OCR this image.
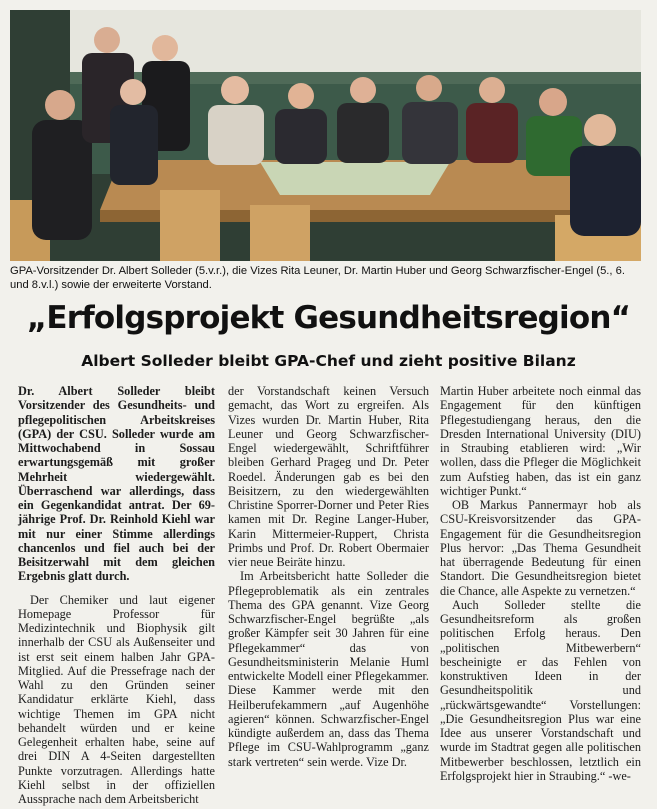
GPA-Vorsitzender Dr. Albert Solleder (5.v.r.), die Vizes Rita Leuner, Dr. Martin Huber und Georg Schwarzfischer-Engel (5., 6. und 8.v.l.) sowie der erweiterte Vorstand.
„Erfolgsprojekt Gesundheitsregion“
Albert Solleder bleibt GPA-Chef und zieht positive Bilanz

Dr. Albert Solleder bleibt Vorsitzender des Gesundheits- und pflegepolitischen Arbeitskreises (GPA) der CSU. Solleder wurde am Mittwochabend in Sossau erwartungsgemäß mit großer Mehrheit wiedergewählt. Überraschend war allerdings, dass ein Gegenkandidat antrat. Der 69-jährige Prof. Dr. Reinhold Kiehl war mit nur einer Stimme allerdings chancenlos und fiel auch bei der Beisitzerwahl mit dem gleichen Ergebnis glatt durch.

Der Chemiker und laut eigener Homepage Professor für Medizintechnik und Biophysik gilt innerhalb der CSU als Außenseiter und ist erst seit einem halben Jahr GPA-Mitglied. Auf die Pressefrage nach der Wahl zu den Gründen seiner Kandidatur erklärte Kiehl, dass wichtige Themen im GPA nicht behandelt würden und er keine Gelegenheit erhalten habe, seine auf drei DIN A 4-Seiten dargestellten Punkte vorzutragen. Allerdings hatte Kiehl selbst in der offiziellen Aussprache nach dem Arbeitsbericht

der Vorstandschaft keinen Versuch gemacht, das Wort zu ergreifen. Als Vizes wurden Dr. Martin Huber, Rita Leuner und Georg Schwarzfischer-Engel wiedergewählt, Schriftführer bleiben Gerhard Prageg und Dr. Peter Roedel. Änderungen gab es bei den Beisitzern, zu den wiedergewählten Christine Sporrer-Dorner und Peter Ries kamen mit Dr. Regine Langer-Huber, Karin Mittermeier-Ruppert, Christa Primbs und Prof. Dr. Robert Obermaier vier neue Beiräte hinzu.

Im Arbeitsbericht hatte Solleder die Pflegeproblematik als ein zentrales Thema des GPA genannt. Vize Georg Schwarzfischer-Engel begrüßte „als großer Kämpfer seit 30 Jahren für eine Pflegekammer“ das von Gesundheitsministerin Melanie Huml entwickelte Modell einer Pflegekammer. Diese Kammer werde mit den Heilberufekammern „auf Augenhöhe agieren“ können. Schwarzfischer-Engel kündigte außerdem an, dass das Thema Pflege im CSU-Wahlprogramm „ganz stark vertreten“ sein werde. Vize Dr.

Martin Huber arbeitete noch einmal das Engagement für den künftigen Pflegestudiengang heraus, den die Dresden International University (DIU) in Straubing etablieren wird: „Wir wollen, dass die Pfleger die Möglichkeit zum Aufstieg haben, das ist ein ganz wichtiger Punkt.“

OB Markus Pannermayr hob als CSU-Kreisvorsitzender das GPA-Engagement für die Gesundheitsregion Plus hervor: „Das Thema Gesundheit hat überragende Bedeutung für einen Standort. Die Gesundheitsregion bietet die Chance, alle Aspekte zu vernetzen.“

Auch Solleder stellte die Gesundheitsreform als großen politischen Erfolg heraus. Den „politischen Mitbewerbern“ bescheinigte er das Fehlen von konstruktiven Ideen in der Gesundheitspolitik und „rückwärtsgewandte“ Vorstellungen: „Die Gesundheitsregion Plus war eine Idee aus unserer Vorstandschaft und wurde im Stadtrat gegen alle politischen Mitbewerber beschlossen, letztlich ein Erfolgsprojekt hier in Straubing.“ -we-
